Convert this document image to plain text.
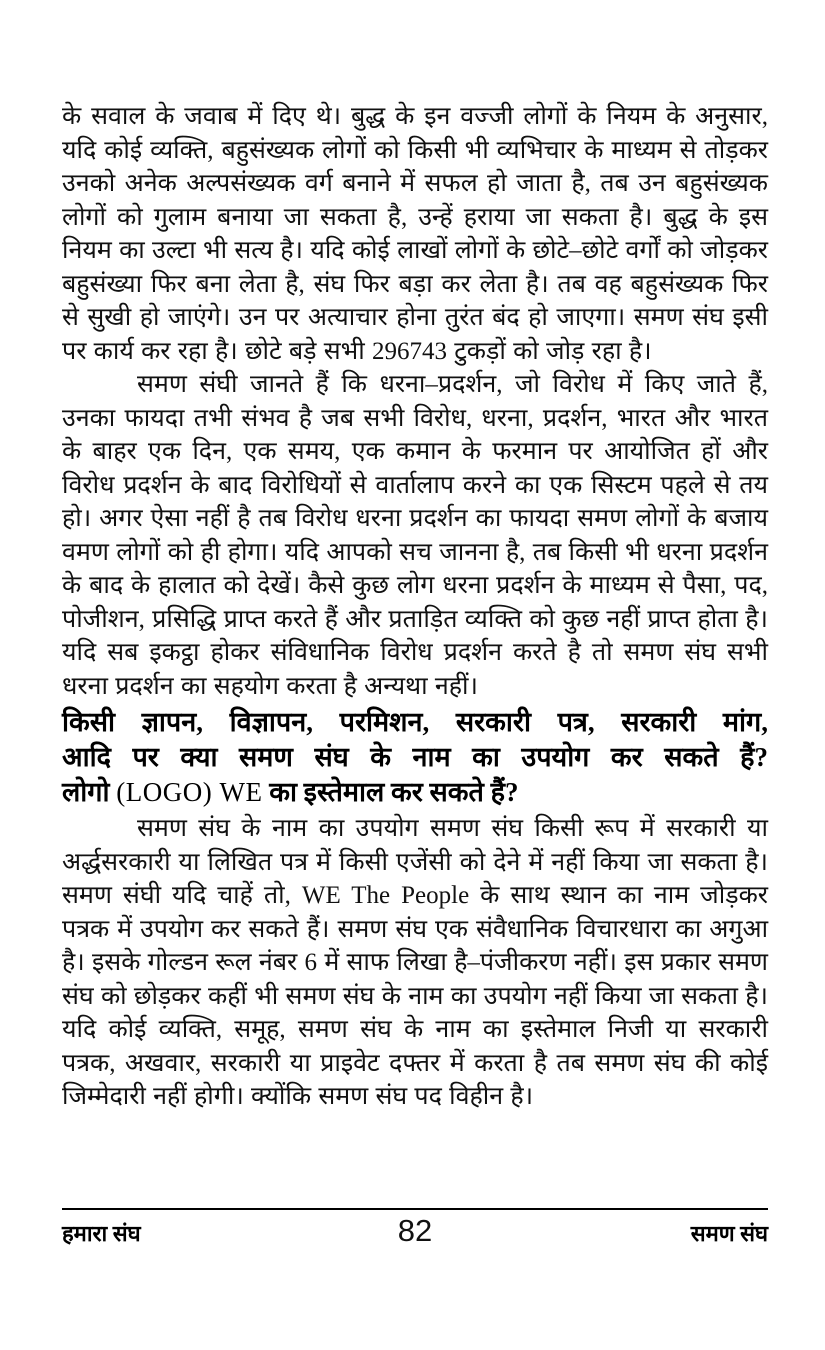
के सवाल के जवाब में दिए थे। बुद्ध के इन वज्जी लोगों के नियम के अनुसार, यदि कोई व्यक्ति, बहुसंख्यक लोगों को किसी भी व्यभिचार के माध्यम से तोड़कर उनको अनेक अल्पसंख्यक वर्ग बनाने में सफल हो जाता है, तब उन बहुसंख्यक लोगों को गुलाम बनाया जा सकता है, उन्हें हराया जा सकता है। बुद्ध के इस नियम का उल्टा भी सत्य है। यदि कोई लाखों लोगों के छोटे–छोटे वर्गों को जोड़कर बहुसंख्या फिर बना लेता है, संघ फिर बड़ा कर लेता है। तब वह बहुसंख्यक फिर से सुखी हो जाएंगे। उन पर अत्याचार होना तुरंत बंद हो जाएगा। समण संघ इसी पर कार्य कर रहा है। छोटे बड़े सभी 296743 टुकड़ों को जोड़ रहा है।

समण संघी जानते हैं कि धरना–प्रदर्शन, जो विरोध में किए जाते हैं, उनका फायदा तभी संभव है जब सभी विरोध, धरना, प्रदर्शन, भारत और भारत के बाहर एक दिन, एक समय, एक कमान के फरमान पर आयोजित हों और विरोध प्रदर्शन के बाद विरोधियों से वार्तालाप करने का एक सिस्टम पहले से तय हो। अगर ऐसा नहीं है तब विरोध धरना प्रदर्शन का फायदा समण लोगों के बजाय वमण लोगों को ही होगा। यदि आपको सच जानना है, तब किसी भी धरना प्रदर्शन के बाद के हालात को देखें। कैसे कुछ लोग धरना प्रदर्शन के माध्यम से पैसा, पद, पोजीशन, प्रसिद्धि प्राप्त करते हैं और प्रताड़ित व्यक्ति को कुछ नहीं प्राप्त होता है। यदि सब इकट्ठा होकर संविधानिक विरोध प्रदर्शन करते है तो समण संघ सभी धरना प्रदर्शन का सहयोग करता है अन्यथा नहीं।

किसी ज्ञापन, विज्ञापन, परमिशन, सरकारी पत्र, सरकारी मांग,
आदि पर क्या समण संघ के नाम का उपयोग कर सकते हैं?
लोगो (LOGO) WE का इस्तेमाल कर सकते हैं?

समण संघ के नाम का उपयोग समण संघ किसी रूप में सरकारी या अर्द्धसरकारी या लिखित पत्र में किसी एजेंसी को देने में नहीं किया जा सकता है। समण संघी यदि चाहें तो, WE The People के साथ स्थान का नाम जोड़कर पत्रक में उपयोग कर सकते हैं। समण संघ एक संवैधानिक विचारधारा का अगुआ है। इसके गोल्डन रूल नंबर 6 में साफ लिखा है–पंजीकरण नहीं। इस प्रकार समण संघ को छोड़कर कहीं भी समण संघ के नाम का उपयोग नहीं किया जा सकता है। यदि कोई व्यक्ति, समूह, समण संघ के नाम का इस्तेमाल निजी या सरकारी पत्रक, अखवार, सरकारी या प्राइवेट दफ्तर में करता है तब समण संघ की कोई जिम्मेदारी नहीं होगी। क्योंकि समण संघ पद विहीन है।

हमारा संघ	82	समण संघ
